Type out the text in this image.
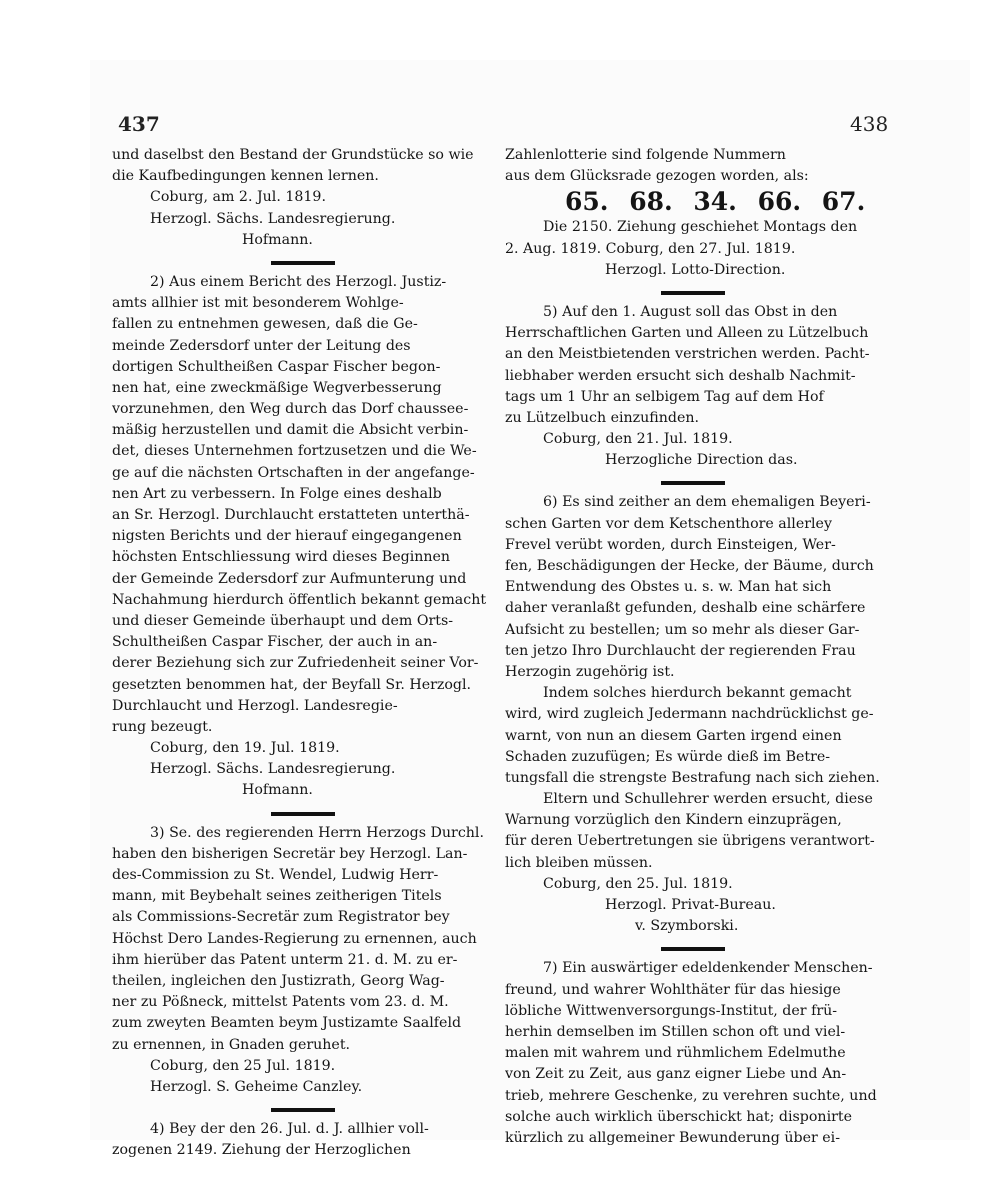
437	438
und daselbst den Bestand der Grundstücke so wie
die Kaufbedingungen kennen lernen.
Coburg, am 2. Jul. 1819.
Herzogl. Sächs. Landesregierung.
Hofmann.
2) Aus einem Bericht des Herzogl. Justiz-
amts allhier ist mit besonderem Wohlge-
fallen zu entnehmen gewesen, daß die Ge-
meinde Zedersdorf unter der Leitung des
dortigen Schultheißen Caspar Fischer begon-
nen hat, eine zweckmäßige Wegverbesserung
vorzunehmen, den Weg durch das Dorf chaussee-
mäßig herzustellen und damit die Absicht verbin-
det, dieses Unternehmen fortzusetzen und die We-
ge auf die nächsten Ortschaften in der angefange-
nen Art zu verbessern. In Folge eines deshalb
an Sr. Herzogl. Durchlaucht erstatteten unterthä-
nigsten Berichts und der hierauf eingegangenen
höchsten Entschliessung wird dieses Beginnen
der Gemeinde Zedersdorf zur Aufmunterung und
Nachahmung hierdurch öffentlich bekannt gemacht
und dieser Gemeinde überhaupt und dem Orts-
Schultheißen Caspar Fischer, der auch in an-
derer Beziehung sich zur Zufriedenheit seiner Vor-
gesetzten benommen hat, der Beyfall Sr. Herzogl.
Durchlaucht und Herzogl. Landesregie-
rung bezeugt.
Coburg, den 19. Jul. 1819.
Herzogl. Sächs. Landesregierung.
Hofmann.
3) Se. des regierenden Herrn Herzogs Durchl.
haben den bisherigen Secretär bey Herzogl. Lan-
des-Commission zu St. Wendel, Ludwig Herr-
mann, mit Beybehalt seines zeitherigen Titels
als Commissions-Secretär zum Registrator bey
Höchst Dero Landes-Regierung zu ernennen, auch
ihm hierüber das Patent unterm 21. d. M. zu er-
theilen, ingleichen den Justizrath, Georg Wag-
ner zu Pößneck, mittelst Patents vom 23. d. M.
zum zweyten Beamten beym Justizamte Saalfeld
zu ernennen, in Gnaden geruhet.
Coburg, den 25 Jul. 1819.
Herzogl. S. Geheime Canzley.
4) Bey der den 26. Jul. d. J. allhier voll-
zogenen 2149. Ziehung der Herzoglichen
Zahlenlotterie sind folgende Nummern
aus dem Glücksrade gezogen worden, als:
65. 68. 34. 66. 67.
Die 2150. Ziehung geschiehet Montags den
2. Aug. 1819. Coburg, den 27. Jul. 1819.
Herzogl. Lotto-Direction.
5) Auf den 1. August soll das Obst in den
Herrschaftlichen Garten und Alleen zu Lützelbuch
an den Meistbietenden verstrichen werden. Pacht-
liebhaber werden ersucht sich deshalb Nachmit-
tags um 1 Uhr an selbigem Tag auf dem Hof
zu Lützelbuch einzufinden.
Coburg, den 21. Jul. 1819.
Herzogliche Direction das.
6) Es sind zeither an dem ehemaligen Beyeri-
schen Garten vor dem Ketschenthore allerley
Frevel verübt worden, durch Einsteigen, Wer-
fen, Beschädigungen der Hecke, der Bäume, durch
Entwendung des Obstes u. s. w. Man hat sich
daher veranlaßt gefunden, deshalb eine schärfere
Aufsicht zu bestellen; um so mehr als dieser Gar-
ten jetzo Ihro Durchlaucht der regierenden Frau
Herzogin zugehörig ist.
Indem solches hierdurch bekannt gemacht
wird, wird zugleich Jedermann nachdrücklichst ge-
warnt, von nun an diesem Garten irgend einen
Schaden zuzufügen; Es würde dieß im Betre-
tungsfall die strengste Bestrafung nach sich ziehen.
Eltern und Schullehrer werden ersucht, diese
Warnung vorzüglich den Kindern einzuprägen,
für deren Uebertretungen sie übrigens verantwort-
lich bleiben müssen.
Coburg, den 25. Jul. 1819.
Herzogl. Privat-Bureau.
v. Szymborski.
7) Ein auswärtiger edeldenkender Menschen-
freund, und wahrer Wohlthäter für das hiesige
löbliche Wittwenversorgungs-Institut, der frü-
herhin demselben im Stillen schon oft und viel-
malen mit wahrem und rühmlichem Edelmuthe
von Zeit zu Zeit, aus ganz eigner Liebe und An-
trieb, mehrere Geschenke, zu verehren suchte, und
solche auch wirklich überschickt hat; disponirte
kürzlich zu allgemeiner Bewunderung über ei-
